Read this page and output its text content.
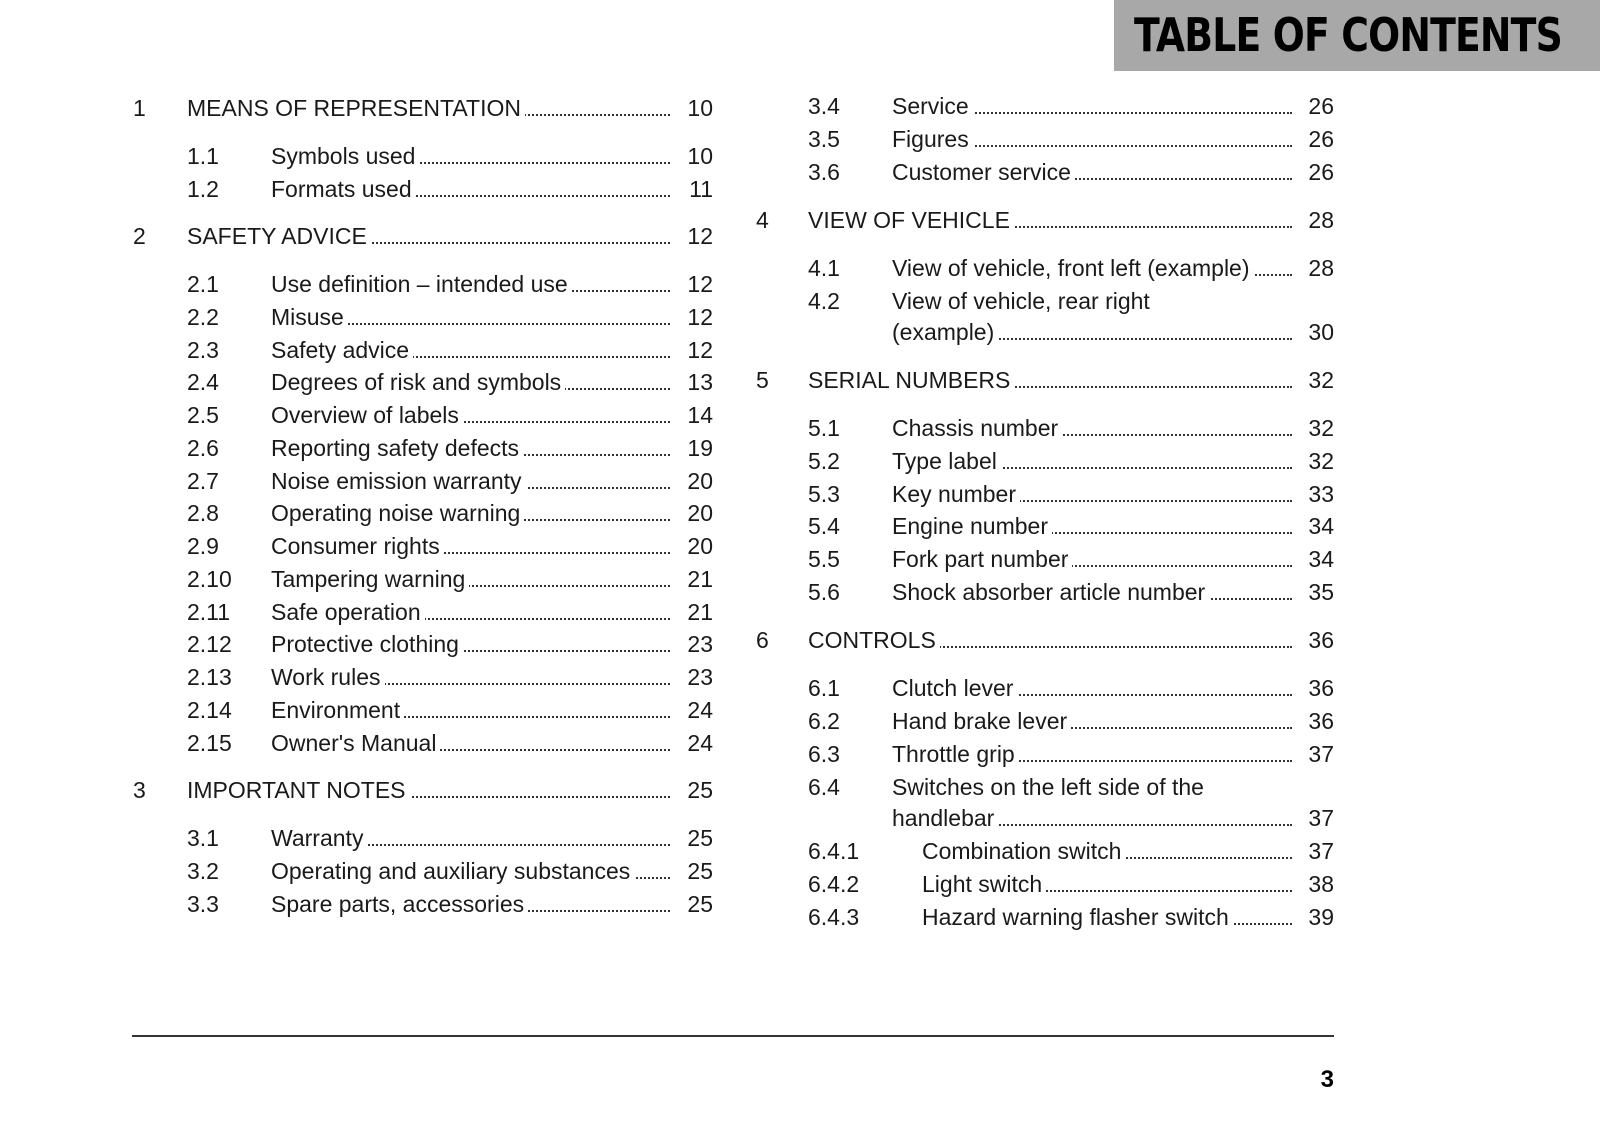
TABLE OF CONTENTS
1 MEANS OF REPRESENTATION	10
1.1 Symbols used	10
1.2 Formats used	11
2 SAFETY ADVICE	12
2.1 Use definition – intended use	12
2.2 Misuse	12
2.3 Safety advice	12
2.4 Degrees of risk and symbols	13
2.5 Overview of labels	14
2.6 Reporting safety defects	19
2.7 Noise emission warranty	20
2.8 Operating noise warning	20
2.9 Consumer rights	20
2.10 Tampering warning	21
2.11 Safe operation	21
2.12 Protective clothing	23
2.13 Work rules	23
2.14 Environment	24
2.15 Owner's Manual	24
3 IMPORTANT NOTES	25
3.1 Warranty	25
3.2 Operating and auxiliary substances	25
3.3 Spare parts, accessories	25
3.4 Service	26
3.5 Figures	26
3.6 Customer service	26
4 VIEW OF VEHICLE	28
4.1 View of vehicle, front left (example)	28
4.2 View of vehicle, rear right
(example)	30
5 SERIAL NUMBERS	32
5.1 Chassis number	32
5.2 Type label	32
5.3 Key number	33
5.4 Engine number	34
5.5 Fork part number	34
5.6 Shock absorber article number	35
6 CONTROLS	36
6.1 Clutch lever	36
6.2 Hand brake lever	36
6.3 Throttle grip	37
6.4 Switches on the left side of the
handlebar	37
6.4.1	Combination switch	37
6.4.2	Light switch	38
6.4.3	Hazard warning flasher switch	39
3
